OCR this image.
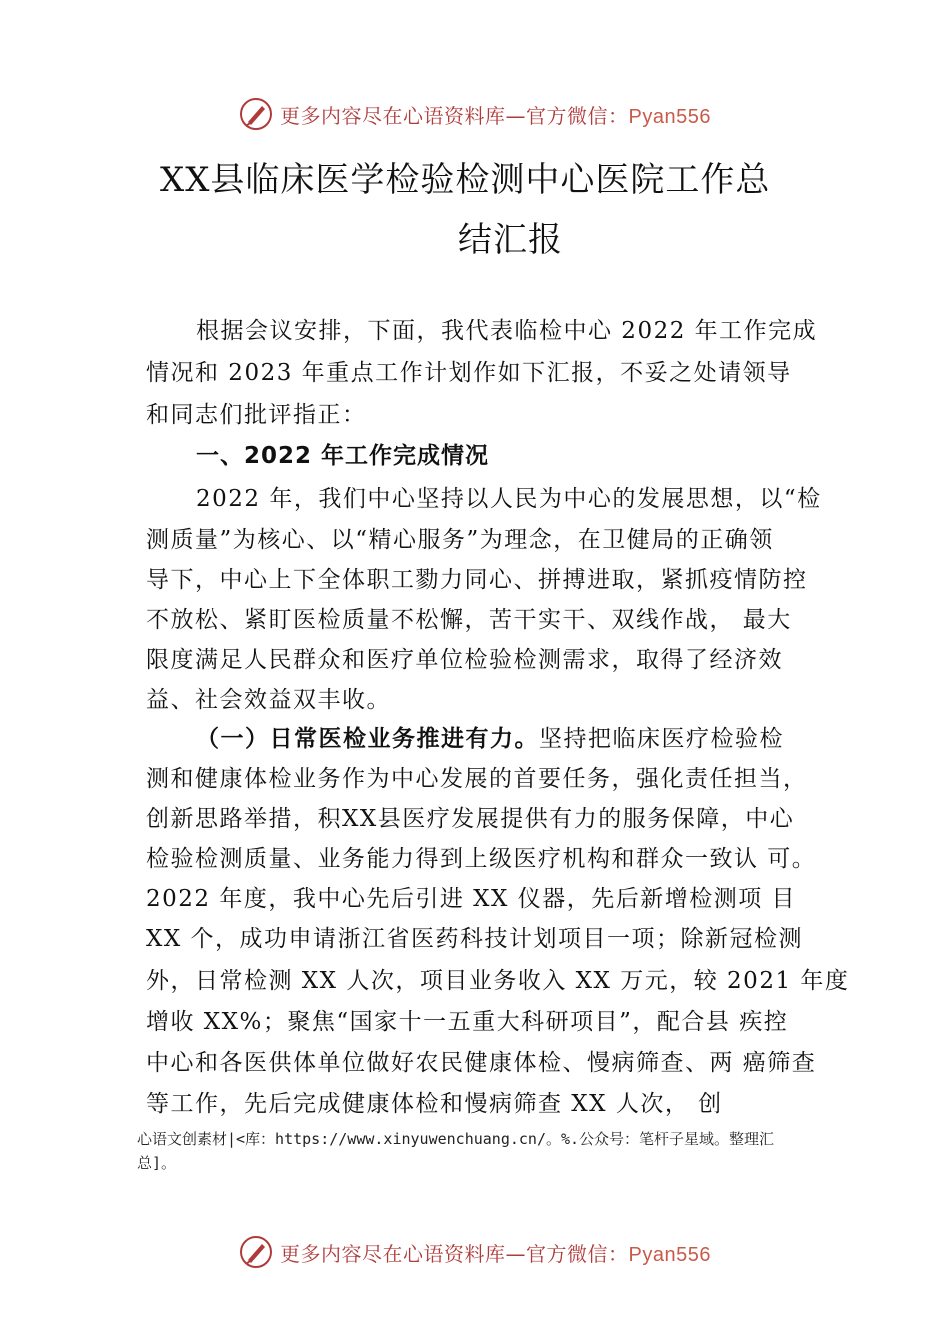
更多内容尽在心语资料库—官方微信：Pyan556
XX县临床医学检验检测中心医院工作总
结汇报
根据会议安排，下面，我代表临检中心 2022 年工作完成
情况和 2023 年重点工作计划作如下汇报，不妥之处请领导
和同志们批评指正：
一、2022 年工作完成情况
2022 年，我们中心坚持以人民为中心的发展思想，以“检
测质量”为核心、以“精心服务”为理念，在卫健局的正确领
导下，中心上下全体职工勠力同心、拼搏进取，紧抓疫情防控
不放松、紧盯医检质量不松懈，苦干实干、双线作战， 最大
限度满足人民群众和医疗单位检验检测需求，取得了经济效
益、社会效益双丰收。
（一）日常医检业务推进有力。坚持把临床医疗检验检
测和健康体检业务作为中心发展的首要任务，强化责任担当，
创新思路举措，积XX县医疗发展提供有力的服务保障，中心
检验检测质量、业务能力得到上级医疗机构和群众一致认 可。
2022 年度，我中心先后引进 XX 仪器，先后新增检测项 目
XX 个，成功申请浙江省医药科技计划项目一项；除新冠检测
外，日常检测 XX 人次，项目业务收入 XX 万元，较 2021 年度
增收 XX%；聚焦“国家十一五重大科研项目”，配合县 疾控
中心和各医供体单位做好农民健康体检、慢病筛查、两 癌筛查
等工作，先后完成健康体检和慢病筛查 XX 人次， 创
心语文创素材|<库：https://www.xinyuwenchuang.cn/。%.公众号：笔杆子星域。整理汇
总]。
更多内容尽在心语资料库—官方微信：Pyan556
